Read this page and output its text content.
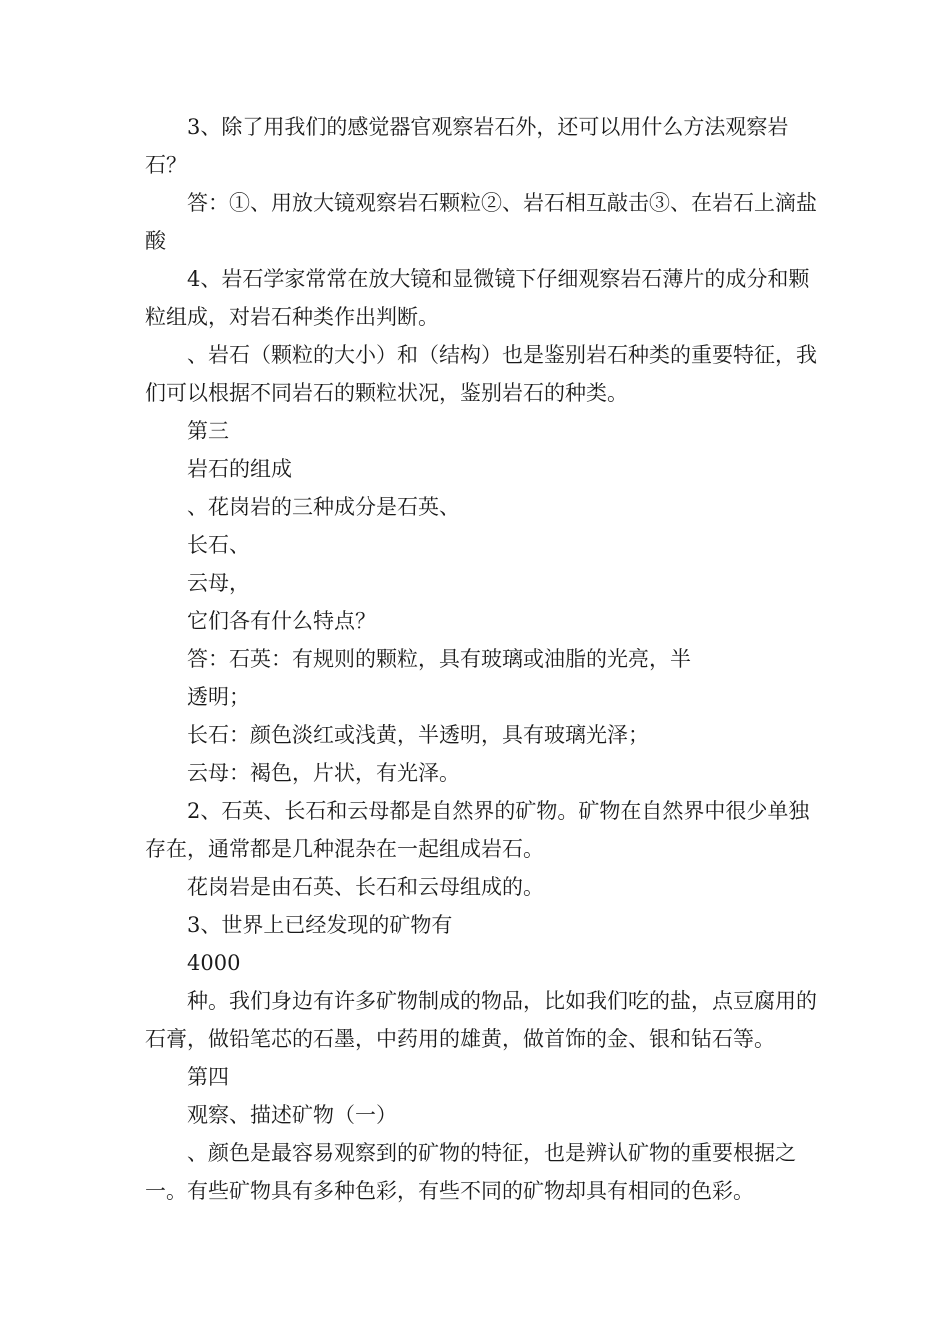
3、除了用我们的感觉器官观察岩石外，还可以用什么方法观察岩石？

答：①、用放大镜观察岩石颗粒②、岩石相互敲击③、在岩石上滴盐酸

4、岩石学家常常在放大镜和显微镜下仔细观察岩石薄片的成分和颗粒组成，对岩石种类作出判断。

、岩石（颗粒的大小）和（结构）也是鉴别岩石种类的重要特征，我们可以根据不同岩石的颗粒状况，鉴别岩石的种类。

第三

岩石的组成

、花岗岩的三种成分是石英、

长石、

云母，

它们各有什么特点？

答：石英：有规则的颗粒，具有玻璃或油脂的光亮，半

透明；

长石：颜色淡红或浅黄，半透明，具有玻璃光泽；

云母：褐色，片状，有光泽。

2、石英、长石和云母都是自然界的矿物。矿物在自然界中很少单独存在，通常都是几种混杂在一起组成岩石。

花岗岩是由石英、长石和云母组成的。

3、世界上已经发现的矿物有

4000

种。我们身边有许多矿物制成的物品，比如我们吃的盐，点豆腐用的石膏，做铅笔芯的石墨，中药用的雄黄，做首饰的金、银和钻石等。

第四

观察、描述矿物（一）

、颜色是最容易观察到的矿物的特征，也是辨认矿物的重要根据之一。有些矿物具有多种色彩，有些不同的矿物却具有相同的色彩。
